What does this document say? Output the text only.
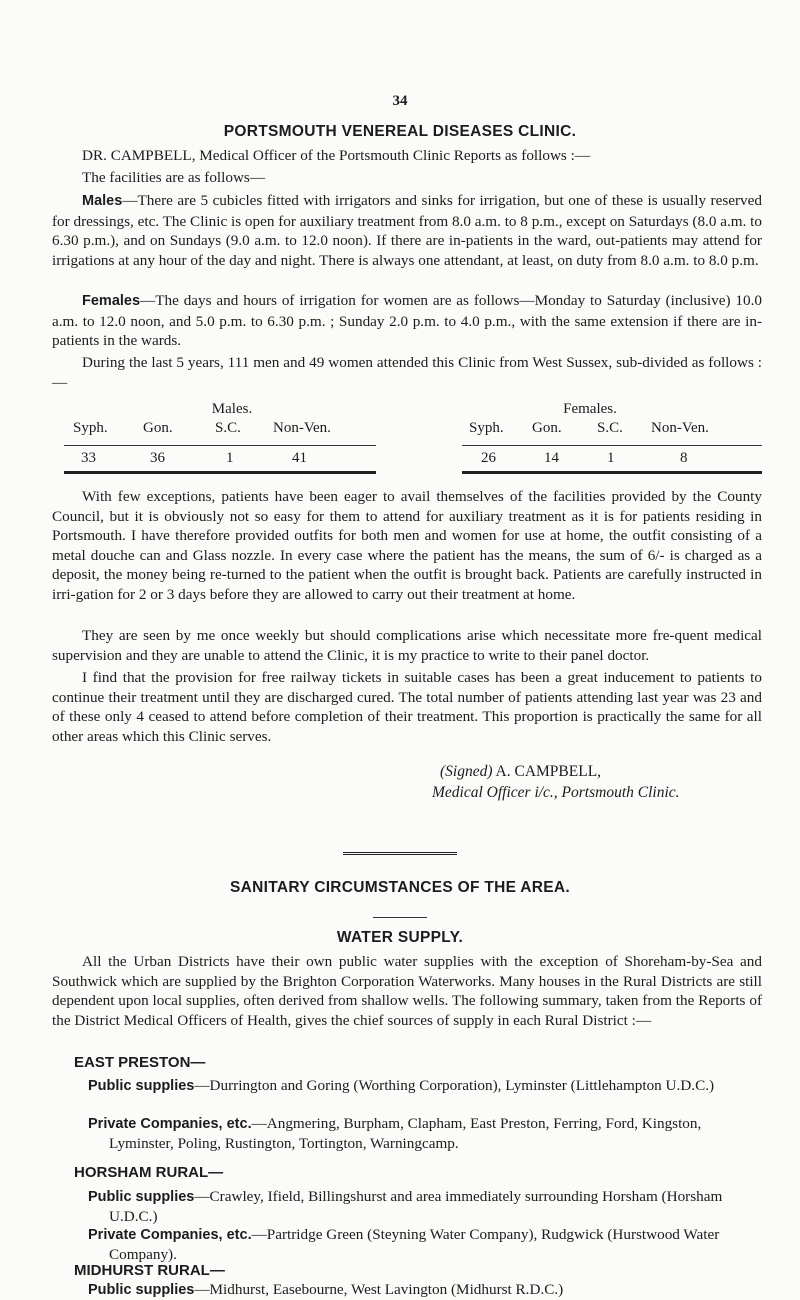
34
PORTSMOUTH VENEREAL DISEASES CLINIC.

DR. CAMPBELL, Medical Officer of the Portsmouth Clinic Reports as follows :—

The facilities are as follows—

Males—There are 5 cubicles fitted with irrigators and sinks for irrigation, but one of these is usually reserved for dressings, etc. The Clinic is open for auxiliary treatment from 8.0 a.m. to 8 p.m., except on Saturdays (8.0 a.m. to 6.30 p.m.), and on Sundays (9.0 a.m. to 12.0 noon). If there are in-patients in the ward, out-patients may attend for irrigations at any hour of the day and night. There is always one attendant, at least, on duty from 8.0 a.m. to 8.0 p.m.

Females—The days and hours of irrigation for women are as follows—Monday to Saturday (inclusive) 10.0 a.m. to 12.0 noon, and 5.0 p.m. to 6.30 p.m. ; Sunday 2.0 p.m. to 4.0 p.m., with the same extension if there are in-patients in the wards.

During the last 5 years, 111 men and 49 women attended this Clinic from West Sussex, sub-divided as follows :—

Males.
Syph. Gon.	S.C. Non-Ven.
33	36	1	41
Females.
Syph. Gon. S.C. Non-Ven.
26	14	1	8

With few exceptions, patients have been eager to avail themselves of the facilities provided by the County Council, but it is obviously not so easy for them to attend for auxiliary treatment as it is for patients residing in Portsmouth. I have therefore provided outfits for both men and women for use at home, the outfit consisting of a metal douche can and Glass nozzle. In every case where the patient has the means, the sum of 6/- is charged as a deposit, the money being re-turned to the patient when the outfit is brought back. Patients are carefully instructed in irri-gation for 2 or 3 days before they are allowed to carry out their treatment at home.

They are seen by me once weekly but should complications arise which necessitate more fre-quent medical supervision and they are unable to attend the Clinic, it is my practice to write to their panel doctor.

I find that the provision for free railway tickets in suitable cases has been a great inducement to patients to continue their treatment until they are discharged cured. The total number of patients attending last year was 23 and of these only 4 ceased to attend before completion of their treatment. This proportion is practically the same for all other areas which this Clinic serves.

(Signed) A. CAMPBELL,
Medical Officer i/c., Portsmouth Clinic.
SANITARY CIRCUMSTANCES OF THE AREA.
WATER SUPPLY.

All the Urban Districts have their own public water supplies with the exception of Shoreham-by-Sea and Southwick which are supplied by the Brighton Corporation Waterworks. Many houses in the Rural Districts are still dependent upon local supplies, often derived from shallow wells. The following summary, taken from the Reports of the District Medical Officers of Health, gives the chief sources of supply in each Rural District :—

EAST PRESTON—

Public supplies—Durrington and Goring (Worthing Corporation), Lyminster (Littlehampton U.D.C.)

Private Companies, etc.—Angmering, Burpham, Clapham, East Preston, Ferring, Ford, Kingston, Lyminster, Poling, Rustington, Tortington, Warningcamp.

HORSHAM RURAL—

Public supplies—Crawley, Ifield, Billingshurst and area immediately surrounding Horsham (Horsham U.D.C.)

Private Companies, etc.—Partridge Green (Steyning Water Company), Rudgwick (Hurstwood Water Company).

MIDHURST RURAL—

Public supplies—Midhurst, Easebourne, West Lavington (Midhurst R.D.C.)
